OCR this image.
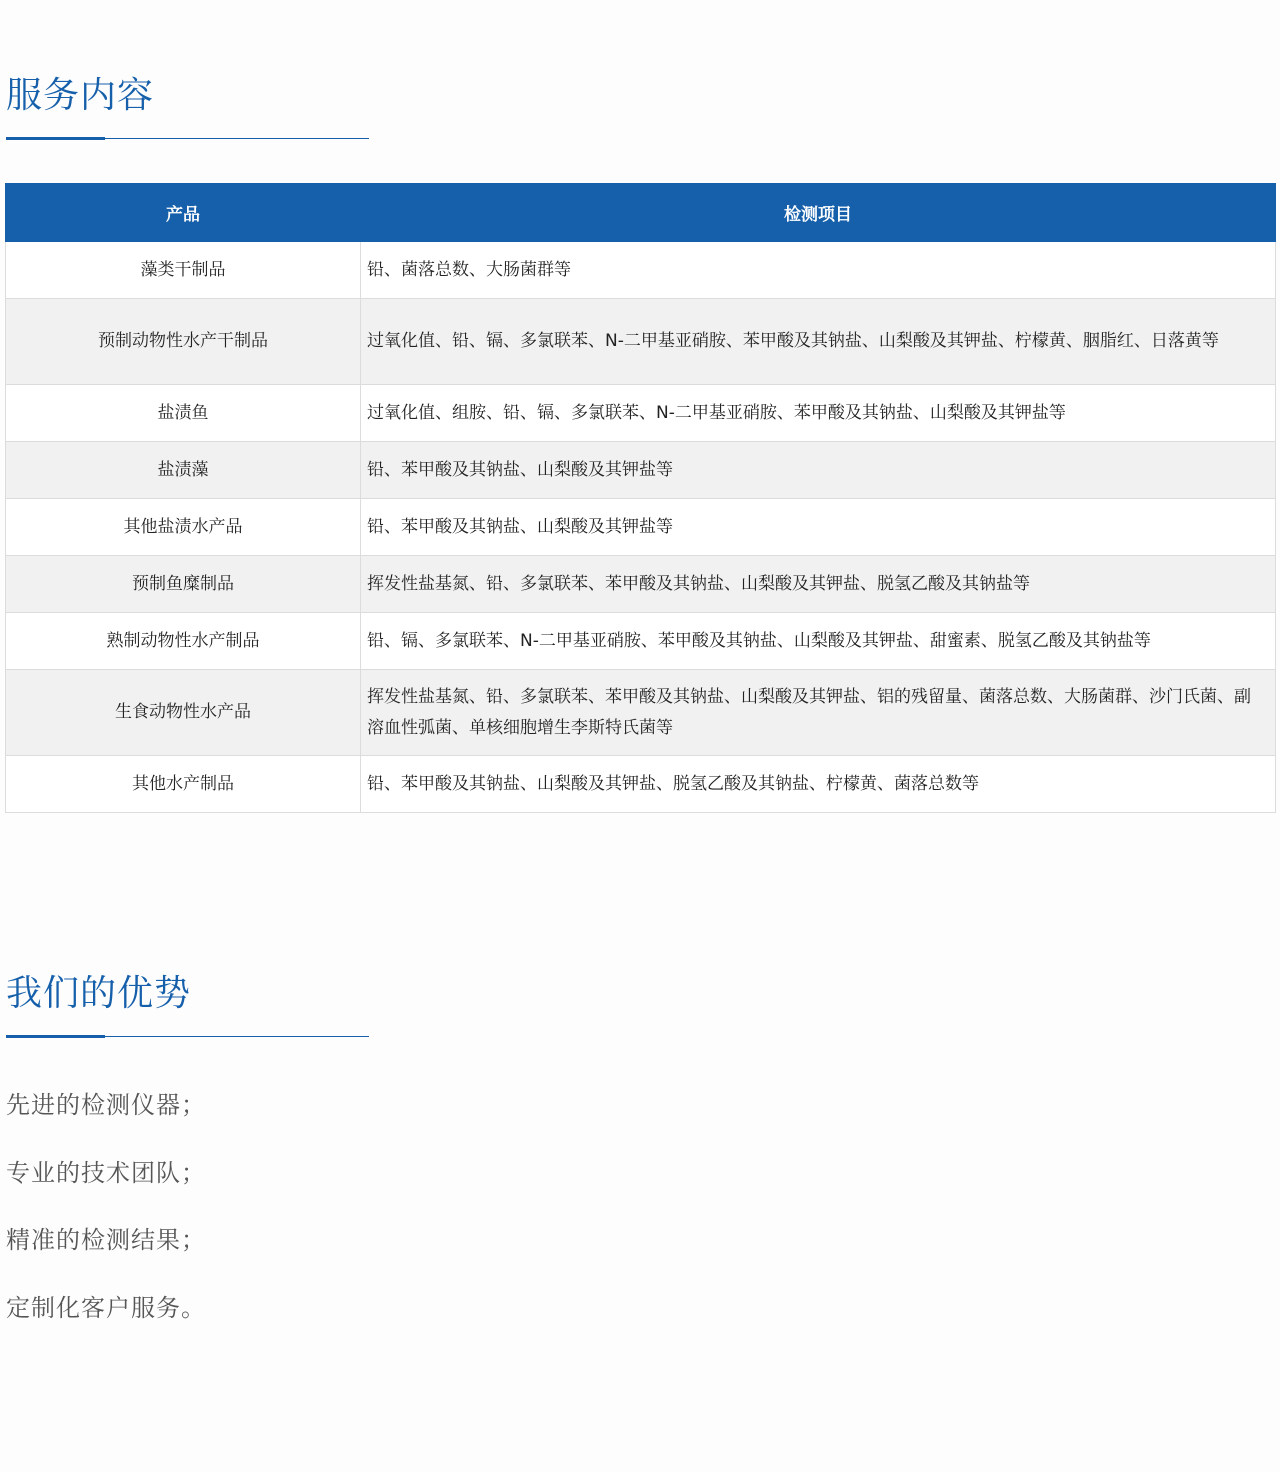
服务内容
产品	检测项目
藻类干制品	铅、菌落总数、大肠菌群等
预制动物性水产干制品	过氧化值、铅、镉、多氯联苯、N-二甲基亚硝胺、苯甲酸及其钠盐、山梨酸及其钾盐、柠檬黄、胭脂红、日落黄等
盐渍鱼	过氧化值、组胺、铅、镉、多氯联苯、N-二甲基亚硝胺、苯甲酸及其钠盐、山梨酸及其钾盐等
盐渍藻	铅、苯甲酸及其钠盐、山梨酸及其钾盐等
其他盐渍水产品	铅、苯甲酸及其钠盐、山梨酸及其钾盐等
预制鱼糜制品	挥发性盐基氮、铅、多氯联苯、苯甲酸及其钠盐、山梨酸及其钾盐、脱氢乙酸及其钠盐等
熟制动物性水产制品	铅、镉、多氯联苯、N-二甲基亚硝胺、苯甲酸及其钠盐、山梨酸及其钾盐、甜蜜素、脱氢乙酸及其钠盐等
生食动物性水产品	挥发性盐基氮、铅、多氯联苯、苯甲酸及其钠盐、山梨酸及其钾盐、铝的残留量、菌落总数、大肠菌群、沙门氏菌、副溶血性弧菌、单核细胞增生李斯特氏菌等
其他水产制品	铅、苯甲酸及其钠盐、山梨酸及其钾盐、脱氢乙酸及其钠盐、柠檬黄、菌落总数等
我们的优势
先进的检测仪器；
专业的技术团队；
精准的检测结果；
定制化客户服务。
